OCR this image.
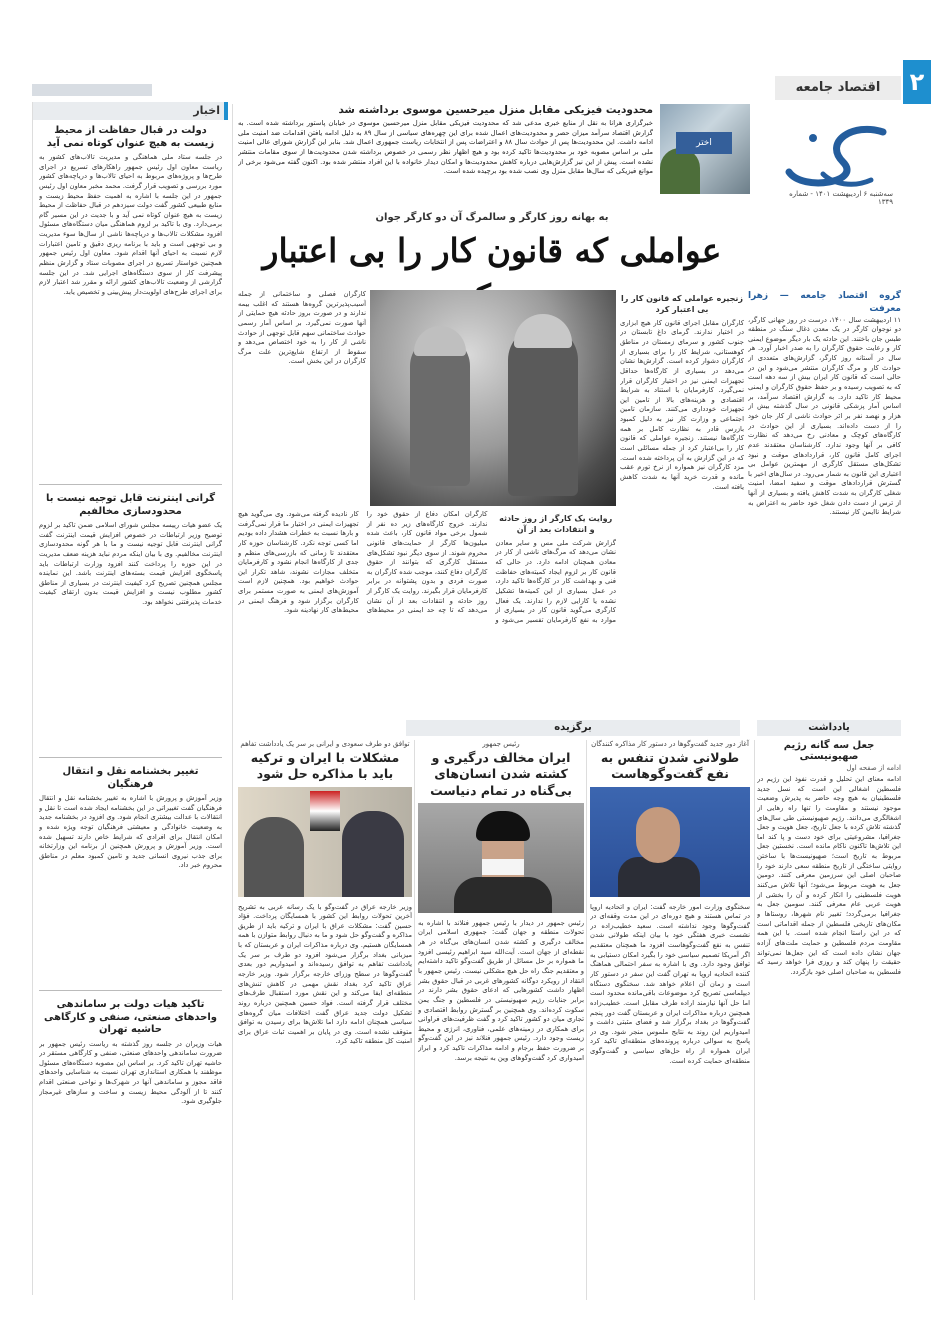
۲
اقتصاد جامعه
سه‌شنبه ۶ اردیبهشت ۱۴۰۱ - شماره ۱۳۴۹
اخبار
دولت در قبال حفاظت از محیط زیست به هیچ عنوان کوتاه نمی آید
در جلسه ستاد ملی هماهنگی و مدیریت تالاب‌های کشور به ریاست معاون اول رئیس جمهور راهکارهای تسریع در اجرای طرح‌ها و پروژه‌های مربوط به احیای تالاب‌ها و دریاچه‌های کشور مورد بررسی و تصویب قرار گرفت. محمد مخبر معاون اول رئیس جمهور در این جلسه با اشاره به اهمیت حفظ محیط زیست و منابع طبیعی کشور گفت دولت سیزدهم در قبال حفاظت از محیط زیست به هیچ عنوان کوتاه نمی آید و با جدیت در این مسیر گام برمی‌دارد. وی با تاکید بر لزوم هماهنگی میان دستگاه‌های مسئول افزود مشکلات تالاب‌ها و دریاچه‌ها ناشی از سال‌ها سوء مدیریت و بی توجهی است و باید با برنامه ریزی دقیق و تامین اعتبارات لازم نسبت به احیای آنها اقدام شود. معاون اول رئیس جمهور همچنین خواستار تسریع در اجرای مصوبات ستاد و گزارش منظم پیشرفت کار از سوی دستگاه‌های اجرایی شد. در این جلسه گزارشی از وضعیت تالاب‌های کشور ارائه و مقرر شد اعتبار لازم برای اجرای طرح‌های اولویت‌دار پیش‌بینی و تخصیص یابد.
گرانی اینترنت قابل توجیه نیست با محدودسازی مخالفیم
یک عضو هیات رییسه مجلس شورای اسلامی ضمن تاکید بر لزوم توضیح وزیر ارتباطات در خصوص افزایش قیمت اینترنت گفت گرانی اینترنت قابل توجیه نیست و ما با هر گونه محدودسازی اینترنت مخالفیم. وی با بیان اینکه مردم نباید هزینه ضعف مدیریت در این حوزه را پرداخت کنند افزود وزارت ارتباطات باید پاسخگوی افزایش قیمت بسته‌های اینترنت باشد. این نماینده مجلس همچنین تصریح کرد کیفیت اینترنت در بسیاری از مناطق کشور مطلوب نیست و افزایش قیمت بدون ارتقای کیفیت خدمات پذیرفتنی نخواهد بود.
تغییر بخشنامه نقل و انتقال فرهنگیان
وزیر آموزش و پرورش با اشاره به تغییر بخشنامه نقل و انتقال فرهنگیان گفت تغییراتی در این بخشنامه ایجاد شده است تا نقل و انتقالات با عدالت بیشتری انجام شود. وی افزود در بخشنامه جدید به وضعیت خانوادگی و معیشتی فرهنگیان توجه ویژه شده و امکان انتقال برای افرادی که شرایط خاص دارند تسهیل شده است. وزیر آموزش و پرورش همچنین از برنامه این وزارتخانه برای جذب نیروی انسانی جدید و تامین کمبود معلم در مناطق محروم خبر داد.
تاکید هیات دولت بر ساماندهی واحدهای صنعتی، صنفی و کارگاهی حاشیه تهران
هیات وزیران در جلسه روز گذشته به ریاست رئیس جمهور بر ضرورت ساماندهی واحدهای صنعتی، صنفی و کارگاهی مستقر در حاشیه تهران تاکید کرد. بر اساس این مصوبه دستگاه‌های مسئول موظفند با همکاری استانداری تهران نسبت به شناسایی واحدهای فاقد مجوز و ساماندهی آنها در شهرک‌ها و نواحی صنعتی اقدام کنند تا از آلودگی محیط زیست و ساخت و سازهای غیرمجاز جلوگیری شود.
اختر
محدودیت فیزیکی مقابل منزل میرحسین موسوی برداشته شد

خبرگزاری هرانا به نقل از منابع خبری مدعی شد که محدودیت فیزیکی مقابل منزل میرحسین موسوی در خیابان پاستور برداشته شده است. به گزارش اقتصاد سرآمد میزان حصر و محدودیت‌های اعمال شده برای این چهره‌های سیاسی از سال ۸۹ به دلیل ادامه یافتن اقدامات ضد امنیت ملی ادامه داشت. این محدودیت‌ها پس از حوادث سال ۸۸ و اعتراضات پس از انتخابات ریاست جمهوری اعمال شد. بنابر این گزارش شورای عالی امنیت ملی بر اساس مصوبه خود بر محدودیت‌ها تاکید کرده بود و هیچ اظهار نظر رسمی در خصوص برداشته شدن محدودیت‌ها از سوی مقامات منتشر نشده است. پیش از این نیز گزارش‌هایی درباره کاهش محدودیت‌ها و امکان دیدار خانواده با این افراد منتشر شده بود. اکنون گفته می‌شود برخی از موانع فیزیکی که سال‌ها مقابل منزل وی نصب شده بود برچیده شده است.

به بهانه روز کارگر و سالمرگ آن دو کارگر جوان
عواملی که قانون کار را بی اعتبار
گروه اقتصاد جامعه — زهرا معرفت
۱۱ اردیبهشت سال ۱۴۰۰، درست در روز جهانی کارگر، دو نوجوان کارگر در یک معدن ذغال سنگ در منطقه طبس جان باختند. این حادثه یک بار دیگر موضوع ایمنی کار و رعایت حقوق کارگران را به صدر اخبار آورد. هر سال در آستانه روز کارگر، گزارش‌های متعددی از حوادث کار و مرگ کارگران منتشر می‌شود و این در حالی است که قانون کار ایران بیش از سه دهه است که به تصویب رسیده و بر حفظ حقوق کارگران و ایمنی محیط کار تاکید دارد. به گزارش اقتصاد سرآمد، بر اساس آمار پزشکی قانونی در سال گذشته بیش از هزار و نهصد نفر بر اثر حوادث ناشی از کار جان خود را از دست داده‌اند. بسیاری از این حوادث در کارگاه‌های کوچک و معادنی رخ می‌دهد که نظارت کافی بر آنها وجود ندارد. کارشناسان معتقدند عدم اجرای کامل قانون کار، قراردادهای موقت و نبود تشکل‌های مستقل کارگری از مهمترین عوامل بی اعتباری این قانون به شمار می‌رود. در سال‌های اخیر با گسترش قراردادهای موقت و سفید امضا، امنیت شغلی کارگران به شدت کاهش یافته و بسیاری از آنها از ترس از دست دادن شغل خود حاضر به اعتراض به شرایط ناایمن کار نیستند.
زنجیره عواملی که قانون کار را بی اعتبار کرد
کارگران مقابل اجرای قانون کار هیچ ابزاری در اختیار ندارند. گرمای داغ تابستان در جنوب کشور و سرمای زمستان در مناطق کوهستانی، شرایط کار را برای بسیاری از کارگران دشوار کرده است. گزارش‌ها نشان می‌دهد در بسیاری از کارگاه‌ها حداقل تجهیزات ایمنی نیز در اختیار کارگران قرار نمی‌گیرد. کارفرمایان با استناد به شرایط اقتصادی و هزینه‌های بالا از تامین این تجهیزات خودداری می‌کنند. سازمان تامین اجتماعی و وزارت کار نیز به دلیل کمبود بازرس قادر به نظارت کامل بر همه کارگاه‌ها نیستند. زنجیره عواملی که قانون کار را بی‌اعتبار کرد از جمله مسائلی است که در این گزارش به آن پرداخته شده است. مزد کارگران نیز همواره از نرخ تورم عقب مانده و قدرت خرید آنها به شدت کاهش یافته است.
کارگران فصلی و ساختمانی از جمله آسیب‌پذیرترین گروه‌ها هستند که اغلب بیمه ندارند و در صورت بروز حادثه هیچ حمایتی از آنها صورت نمی‌گیرد. بر اساس آمار رسمی حوادث ساختمانی سهم قابل توجهی از حوادث ناشی از کار را به خود اختصاص می‌دهد و سقوط از ارتفاع شایع‌ترین علت مرگ کارگران در این بخش است.
روایت یک کارگر از روز حادثه و انتقادات بعد از آن
گزارش شرکت ملی مس و سایر معادن نشان می‌دهد که مرگ‌های ناشی از کار در معادن همچنان ادامه دارد. در حالی که قانون کار بر لزوم ایجاد کمیته‌های حفاظت فنی و بهداشت کار در کارگاه‌ها تاکید دارد، در عمل بسیاری از این کمیته‌ها تشکیل نشده یا کارایی لازم را ندارند. یک فعال کارگری می‌گوید قانون کار در بسیاری از موارد به نفع کارفرمایان تفسیر می‌شود و کارگران امکان دفاع از حقوق خود را ندارند. خروج کارگاه‌های زیر ده نفر از شمول برخی مواد قانون کار، باعث شده میلیون‌ها کارگر از حمایت‌های قانونی محروم شوند. از سوی دیگر نبود تشکل‌های مستقل کارگری که بتوانند از حقوق کارگران دفاع کنند، موجب شده کارگران به صورت فردی و بدون پشتوانه در برابر کارفرمایان قرار بگیرند. روایت یک کارگر از روز حادثه و انتقادات بعد از آن نشان می‌دهد که تا چه حد ایمنی در محیط‌های کار نادیده گرفته می‌شود. وی می‌گوید هیچ تجهیزات ایمنی در اختیار ما قرار نمی‌گرفت و بارها نسبت به خطرات هشدار داده بودیم اما کسی توجه نکرد. کارشناسان حوزه کار معتقدند تا زمانی که بازرسی‌های منظم و جدی از کارگاه‌ها انجام نشود و کارفرمایان متخلف مجازات نشوند، شاهد تکرار این حوادث خواهیم بود. همچنین لازم است آموزش‌های ایمنی به صورت مستمر برای کارگران برگزار شود و فرهنگ ایمنی در محیط‌های کار نهادینه شود.
برگزیده	یادداشت
آغاز دور جدید گفت‌وگوها در دستور کار مذاکره کنندگان
طولانی شدن تنفس به نفع گفت‌وگوهاست
سخنگوی وزارت امور خارجه گفت: ایران و اتحادیه اروپا در تماس هستند و هیچ دوره‌ای در این مدت وقفه‌ای در گفت‌وگوها وجود نداشته است. سعید خطیب‌زاده در نشست خبری هفتگی خود با بیان اینکه طولانی شدن تنفس به نفع گفت‌وگوهاست افزود ما همچنان معتقدیم اگر آمریکا تصمیم سیاسی خود را بگیرد امکان دستیابی به توافق وجود دارد. وی با اشاره به سفر احتمالی هماهنگ کننده اتحادیه اروپا به تهران گفت این سفر در دستور کار است و زمان آن اعلام خواهد شد. سخنگوی دستگاه دیپلماسی تصریح کرد موضوعات باقی‌مانده محدود است اما حل آنها نیازمند اراده طرف مقابل است. خطیب‌زاده همچنین درباره مذاکرات ایران و عربستان گفت دور پنجم گفت‌وگوها در بغداد برگزار شد و فضای مثبتی داشت و امیدواریم این روند به نتایج ملموس منجر شود. وی در پاسخ به سوالی درباره پرونده‌های منطقه‌ای تاکید کرد ایران همواره از راه حل‌های سیاسی و گفت‌وگوی منطقه‌ای حمایت کرده است.
رئیس جمهور
ایران مخالف درگیری و کشته شدن انسان‌های بی‌گناه در تمام دنیاست
رئیس جمهور در دیدار با رئیس جمهور فنلاند با اشاره به تحولات منطقه و جهان گفت: جمهوری اسلامی ایران مخالف درگیری و کشته شدن انسان‌های بی‌گناه در هر نقطه‌ای از جهان است. آیت‌الله سید ابراهیم رئیسی افزود ما همواره بر حل مسائل از طریق گفت‌وگو تاکید داشته‌ایم و معتقدیم جنگ راه حل هیچ مشکلی نیست. رئیس جمهور با انتقاد از رویکرد دوگانه کشورهای غربی در قبال حقوق بشر اظهار داشت کشورهایی که ادعای حقوق بشر دارند در برابر جنایات رژیم صهیونیستی در فلسطین و جنگ یمن سکوت کرده‌اند. وی همچنین بر گسترش روابط اقتصادی و تجاری میان دو کشور تاکید کرد و گفت ظرفیت‌های فراوانی برای همکاری در زمینه‌های علمی، فناوری، انرژی و محیط زیست وجود دارد. رئیس جمهور فنلاند نیز در این گفت‌وگو بر ضرورت حفظ برجام و ادامه مذاکرات تاکید کرد و ابراز امیدواری کرد گفت‌وگوهای وین به نتیجه برسد.
توافق دو طرف سعودی و ایرانی بر سر یک یادداشت تفاهم
مشکلات با ایران و ترکیه باید با مذاکره حل شود
وزیر خارجه عراق در گفت‌وگو با یک رسانه عربی به تشریح آخرین تحولات روابط این کشور با همسایگان پرداخت. فؤاد حسین گفت: مشکلات عراق با ایران و ترکیه باید از طریق مذاکره و گفت‌وگو حل شود و ما به دنبال روابط متوازن با همه همسایگان هستیم. وی درباره مذاکرات ایران و عربستان که با میزبانی بغداد برگزار می‌شود افزود دو طرف بر سر یک یادداشت تفاهم به توافق رسیده‌اند و امیدواریم دور بعدی گفت‌وگوها در سطح وزرای خارجه برگزار شود. وزیر خارجه عراق تاکید کرد بغداد نقش مهمی در کاهش تنش‌های منطقه‌ای ایفا می‌کند و این نقش مورد استقبال طرف‌های مختلف قرار گرفته است. فواد حسین همچنین درباره روند تشکیل دولت جدید عراق گفت اختلافات میان گروه‌های سیاسی همچنان ادامه دارد اما تلاش‌ها برای رسیدن به توافق متوقف نشده است. وی در پایان بر اهمیت ثبات عراق برای امنیت کل منطقه تاکید کرد.
جعل سه گانه رژیم صهیونیستی
ادامه از صفحه اول

ادامه معنای این تحلیل و قدرت نفوذ این رژیم در فلسطین اشغالی این است که نسل جدید فلسطینیان به هیچ وجه حاضر به پذیرش وضعیت موجود نیستند و مقاومت را تنها راه رهایی از اشغالگری می‌دانند. رژیم صهیونیستی طی سال‌های گذشته تلاش کرده با جعل تاریخ، جعل هویت و جعل جغرافیا، مشروعیتی برای خود دست و پا کند اما این تلاش‌ها تاکنون ناکام مانده است. نخستین جعل مربوط به تاریخ است؛ صهیونیست‌ها با ساختن روایتی ساختگی از تاریخ منطقه سعی دارند خود را صاحبان اصلی این سرزمین معرفی کنند. دومین جعل به هویت مربوط می‌شود؛ آنها تلاش می‌کنند هویت فلسطینی را انکار کرده و آن را بخشی از هویت عربی عام معرفی کنند. سومین جعل به جغرافیا برمی‌گردد؛ تغییر نام شهرها، روستاها و مکان‌های تاریخی فلسطین از جمله اقداماتی است که در این راستا انجام شده است. با این همه مقاومت مردم فلسطین و حمایت ملت‌های آزاده جهان نشان داده است که این جعل‌ها نمی‌تواند حقیقت را پنهان کند و روزی فرا خواهد رسید که فلسطین به صاحبان اصلی خود بازگردد.
